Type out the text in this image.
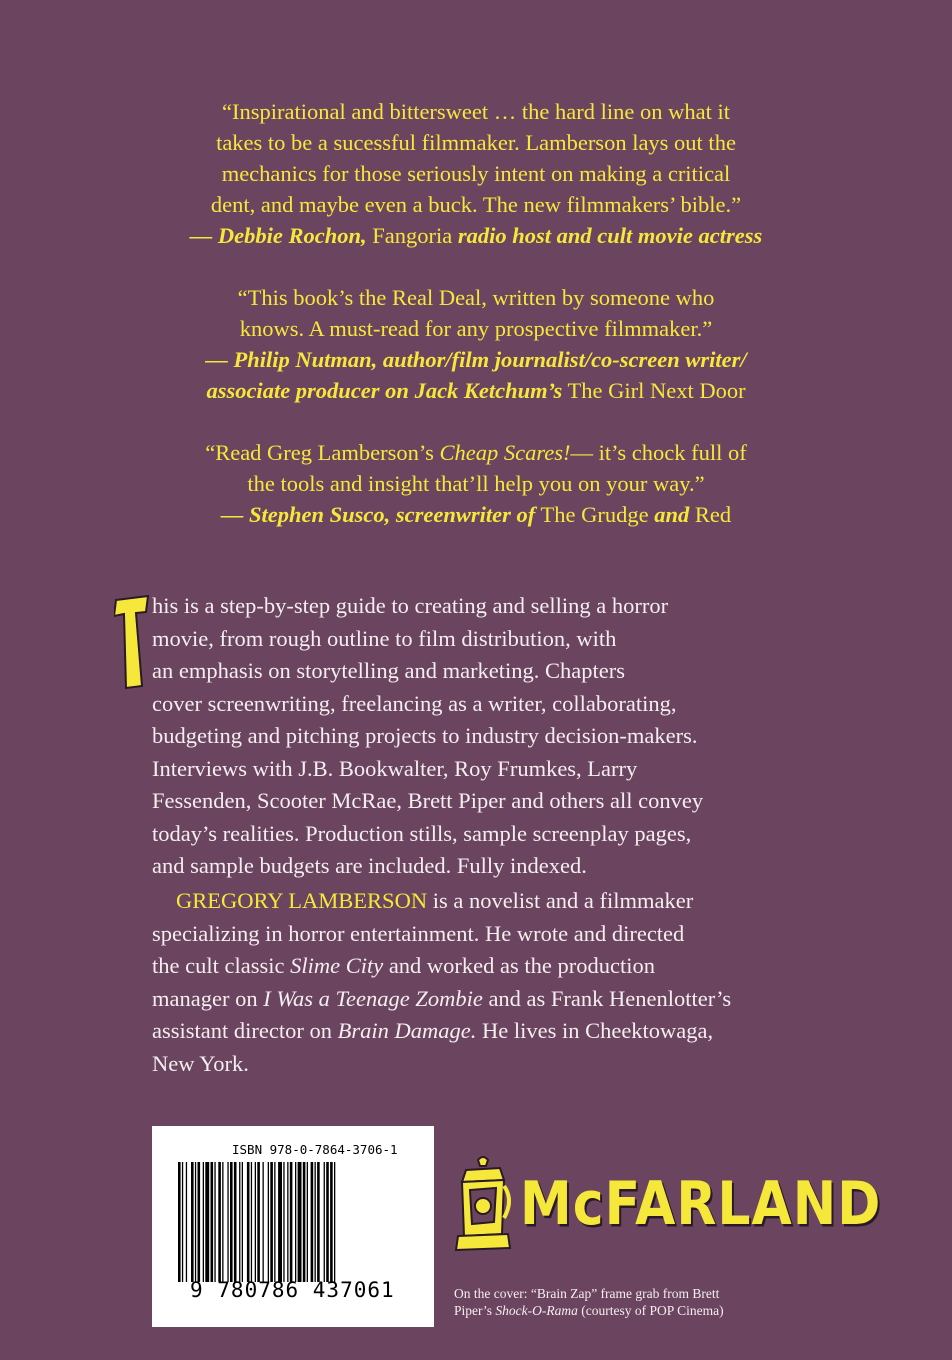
“Inspirational and bittersweet … the hard line on what it
takes to be a sucessful filmmaker. Lamberson lays out the
mechanics for those seriously intent on making a critical
dent, and maybe even a buck. The new filmmakers’ bible.”
— Debbie Rochon, Fangoria radio host and cult movie actress
“This book’s the Real Deal, written by someone who
knows. A must-read for any prospective filmmaker.”
— Philip Nutman, author/film journalist/co-screen writer/
associate producer on Jack Ketchum’s The Girl Next Door
“Read Greg Lamberson’s Cheap Scares!— it’s chock full of
the tools and insight that’ll help you on your way.”
— Stephen Susco, screenwriter of The Grudge and Red
his is a step-by-step guide to creating and selling a horror
movie, from rough outline to film distribution, with
an emphasis on storytelling and marketing. Chapters
cover screenwriting, freelancing as a writer, collaborating,
budgeting and pitching projects to industry decision-makers.
Interviews with J.B. Bookwalter, Roy Frumkes, Larry
Fessenden, Scooter McRae, Brett Piper and others all convey
today’s realities. Production stills, sample screenplay pages,
and sample budgets are included. Fully indexed.
GREGORY LAMBERSON is a novelist and a filmmaker
specializing in horror entertainment. He wrote and directed
the cult classic Slime City and worked as the production
manager on I Was a Teenage Zombie and as Frank Henenlotter’s
assistant director on Brain Damage. He lives in Cheektowaga,
New York.
ISBN 978-0-7864-3706-1
9 780786 437061
McFARLAND
On the cover: “Brain Zap” frame grab from Brett
Piper’s Shock-O-Rama (courtesy of POP Cinema)
